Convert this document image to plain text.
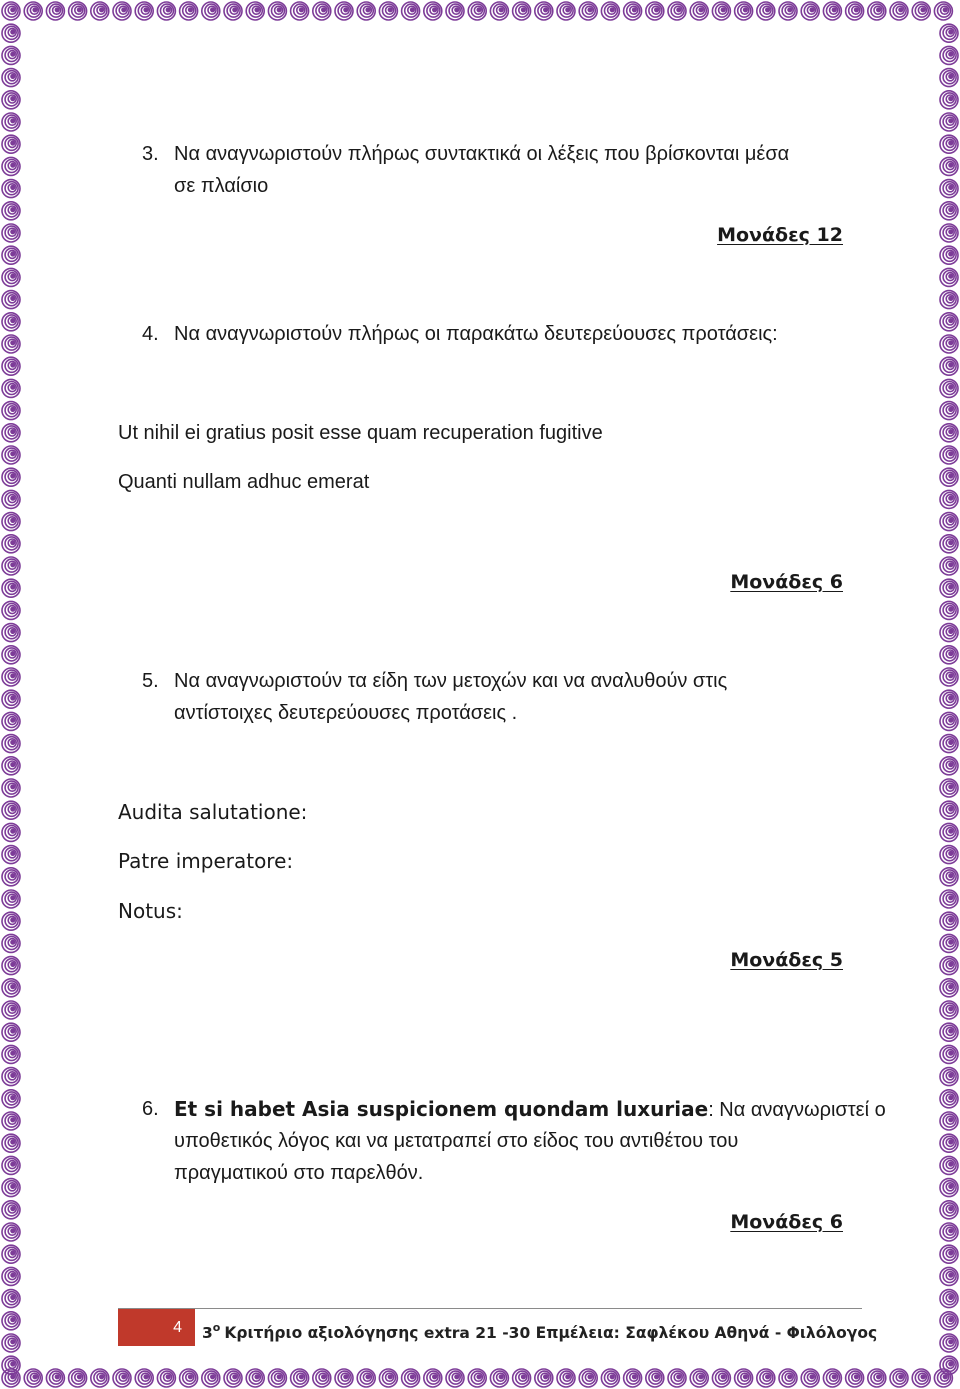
3. Να αναγνωριστούν πλήρως συντακτικά οι λέξεις που βρίσκονται μέσα
σε πλαίσιο
Μονάδες 12
4. Να αναγνωριστούν πλήρως οι παρακάτω δευτερεύουσες προτάσεις:
Ut nihil ei gratius posit esse quam recuperation fugitive
Quanti nullam adhuc emerat
Μονάδες 6
5. Να αναγνωριστούν τα είδη των μετοχών και να αναλυθούν στις
αντίστοιχες δευτερεύουσες προτάσεις .
Audita salutatione:
Patre imperatore:
Notus:
Μονάδες 5
6. Et si habet Asia suspicionem quondam luxuriae: Να αναγνωριστεί ο
υποθετικός λόγος και να μετατραπεί στο είδος του αντιθέτου του
πραγματικού στο παρελθόν.
Μονάδες 6
4	$3^o$ Κριτήριο αξιολόγησης extra 21 -30 Επμέλεια: Σαφλέκου Αθηνά - Φιλόλογος
